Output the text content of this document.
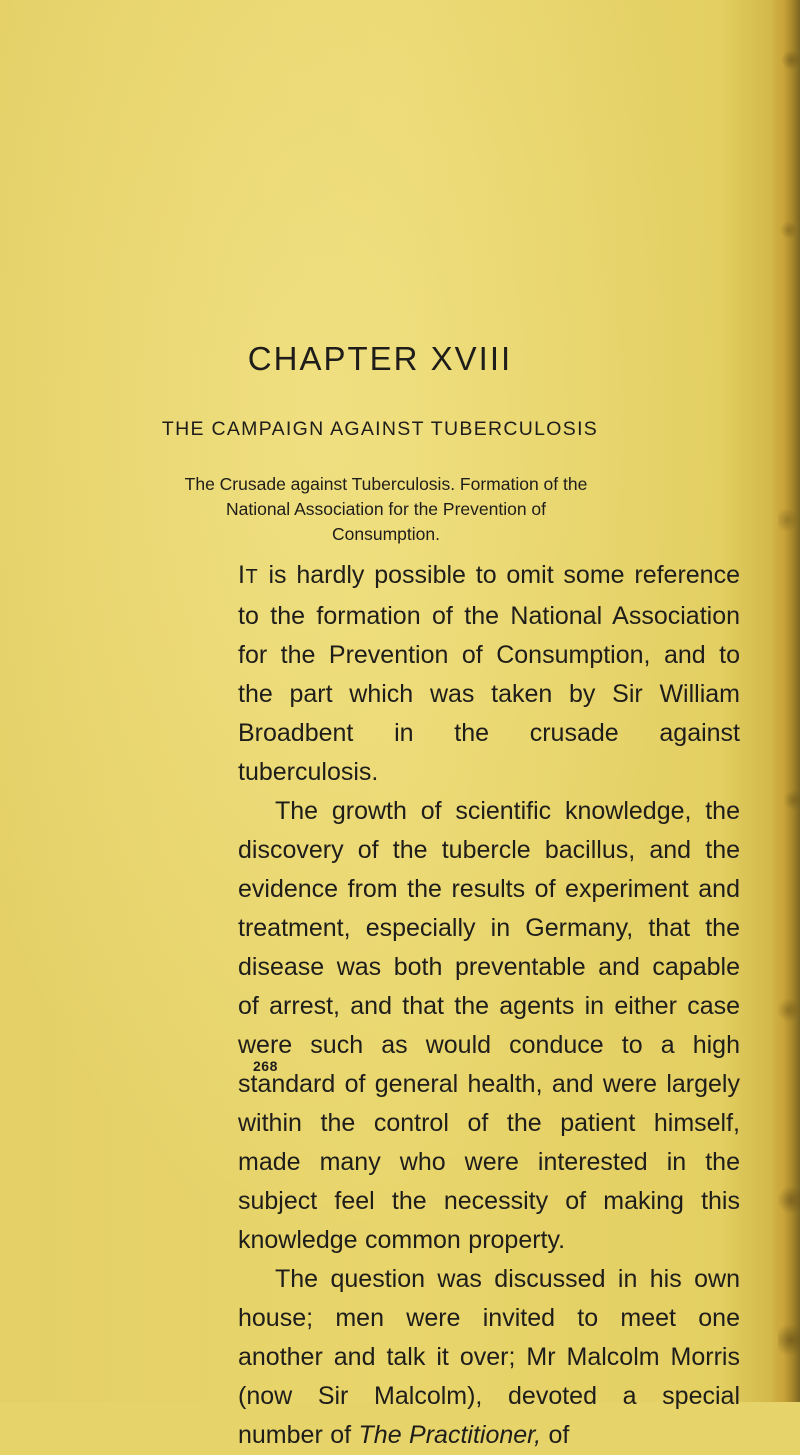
CHAPTER XVIII
THE CAMPAIGN AGAINST TUBERCULOSIS
The Crusade against Tuberculosis. Formation of the National Association for the Prevention of Consumption.

IT is hardly possible to omit some reference to the formation of the National Association for the Prevention of Consumption, and to the part which was taken by Sir William Broadbent in the crusade against tuberculosis.

The growth of scientific knowledge, the discovery of the tubercle bacillus, and the evidence from the results of experiment and treatment, especially in Germany, that the disease was both preventable and capable of arrest, and that the agents in either case were such as would conduce to a high standard of general health, and were largely within the control of the patient himself, made many who were interested in the subject feel the necessity of making this knowledge common property.

The question was discussed in his own house; men were invited to meet one another and talk it over; Mr Malcolm Morris (now Sir Malcolm), devoted a special number of The Practitioner, of

268
